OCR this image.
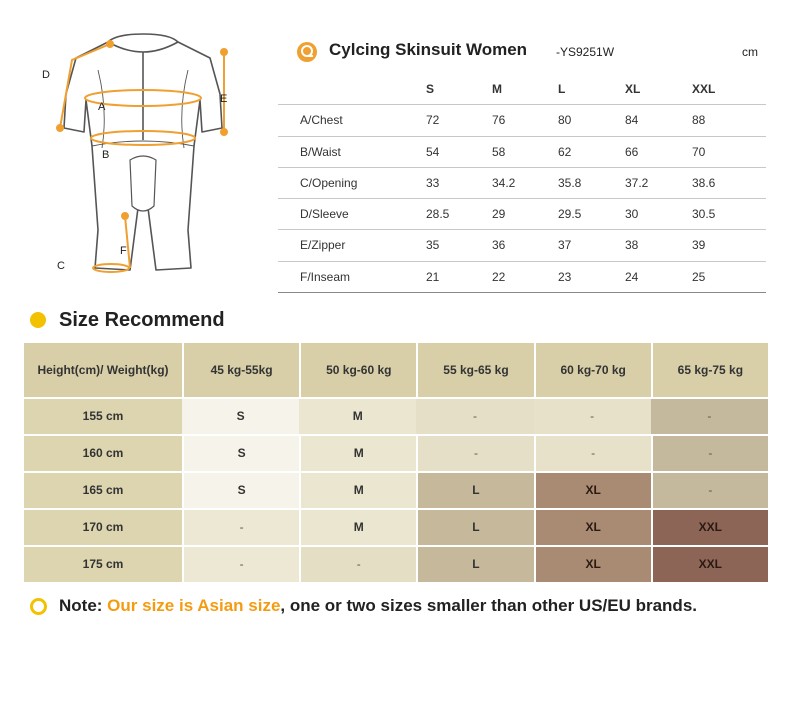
D
E
A
B
C
F
Cylcing Skinsuit Women -YS9251W	cm
S	M	L	XL	XXL
A/Chest	72	76	80	84	88
B/Waist	54	58	62	66	70
C/Opening	33	34.2	35.8	37.2	38.6
D/Sleeve	28.5	29	29.5	30	30.5
E/Zipper	35	36	37	38	39
F/Inseam	21	22	23	24	25
Size Recommend
Height(cm)/ Weight(kg)	45 kg-55kg	50 kg-60 kg	55 kg-65 kg	60 kg-70 kg	65 kg-75 kg
155 cm	S	M	-	-	-
160 cm	S	M	-	-	-
165 cm	S	M	L	XL	-
170 cm	-	M	L	XL	XXL
175 cm	-	-	L	XL	XXL
Note: Our size is Asian size, one or two sizes smaller than other US/EU brands.
